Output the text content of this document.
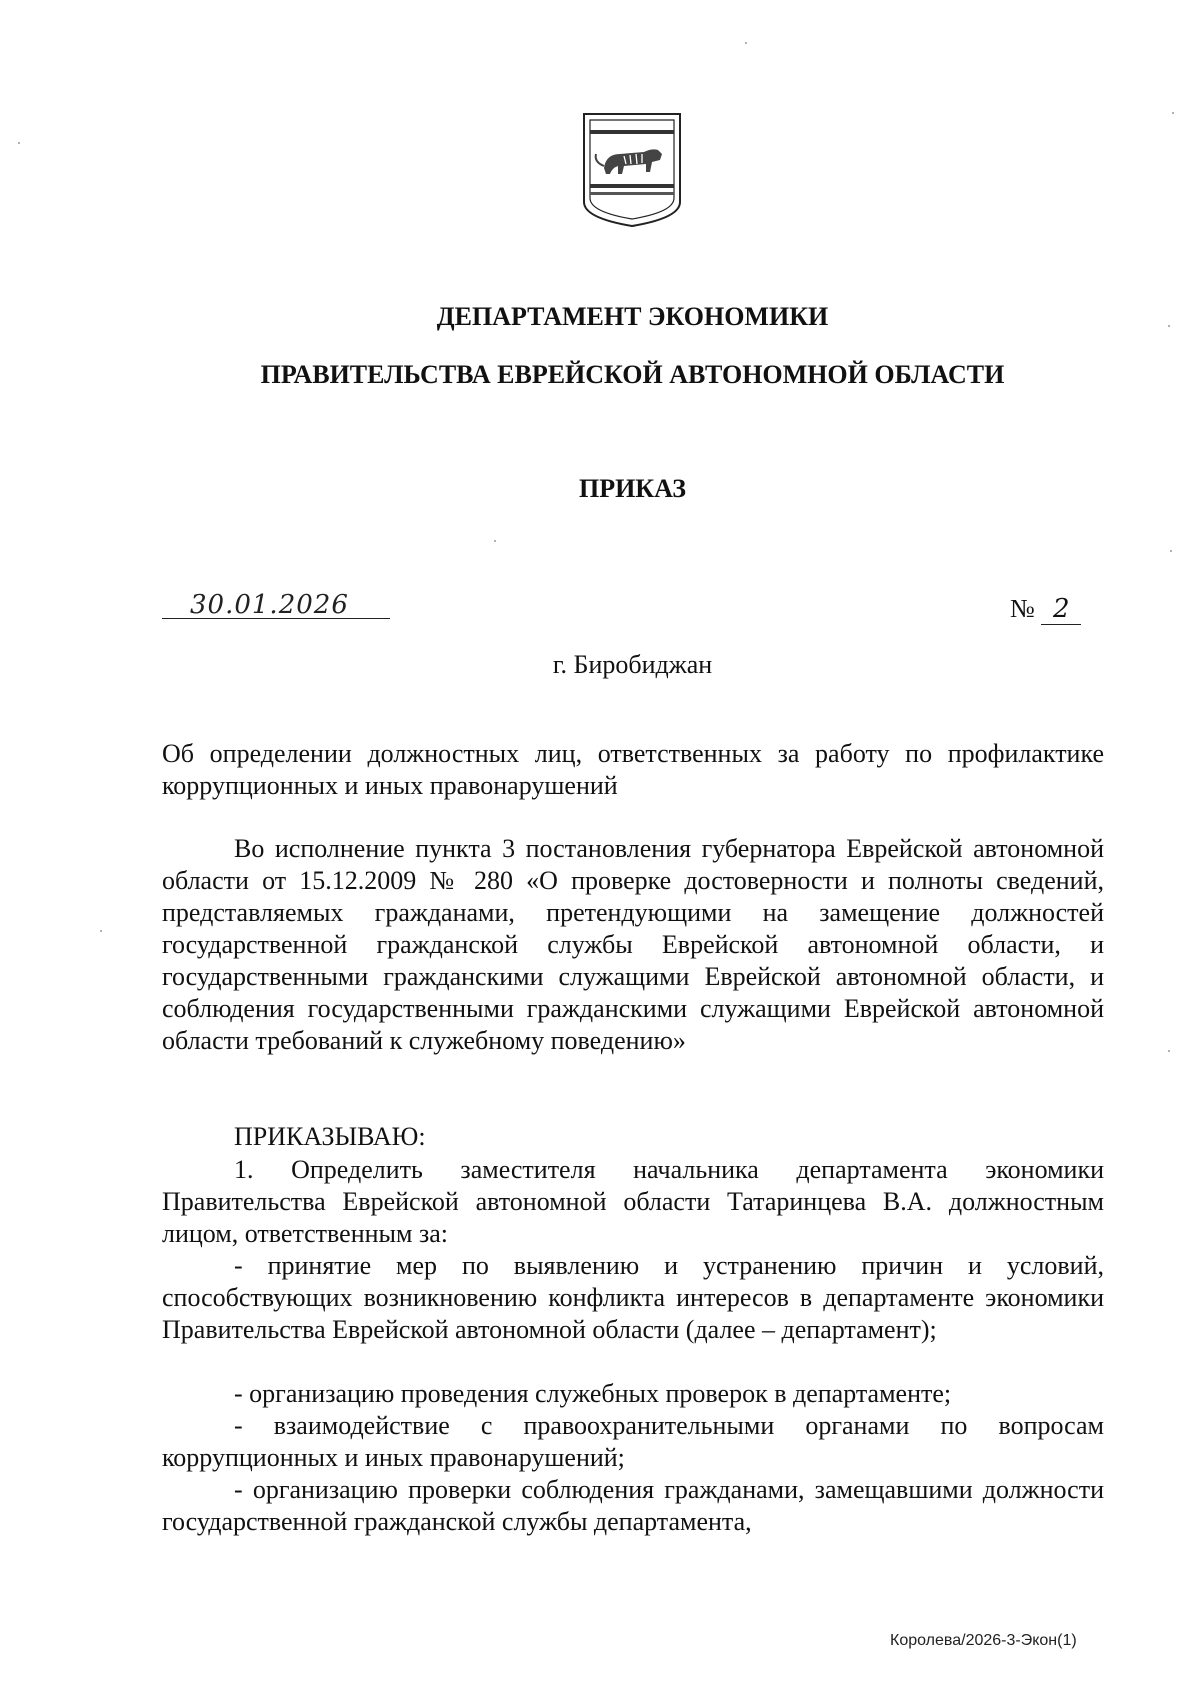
ДЕПАРТАМЕНТ ЭКОНОМИКИ
ПРАВИТЕЛЬСТВА ЕВРЕЙСКОЙ АВТОНОМНОЙ ОБЛАСТИ
ПРИКАЗ
30.01.2026	№ 2
г. Биробиджан
Об определении должностных лиц, ответственных за работу по профилактике коррупционных и иных правонарушений
Во исполнение пункта 3 постановления губернатора Еврейской автономной области от 15.12.2009 № 280 «О проверке достоверности и полноты сведений, представляемых гражданами, претендующими на замещение должностей государственной гражданской службы Еврейской автономной области, и государственными гражданскими служащими Еврейской автономной области, и соблюдения государственными гражданскими служащими Еврейской автономной области требований к служебному поведению»
ПРИКАЗЫВАЮ:
1. Определить заместителя начальника департамента экономики Правительства Еврейской автономной области Татаринцева В.А. должностным лицом, ответственным за:
- принятие мер по выявлению и устранению причин и условий, способствующих возникновению конфликта интересов в департаменте экономики Правительства Еврейской автономной области (далее – департамент);
- организацию проведения служебных проверок в департаменте;
- взаимодействие с правоохранительными органами по вопросам коррупционных и иных правонарушений;
- организацию проверки соблюдения гражданами, замещавшими должности государственной гражданской службы департамента,
Королева/2026-3-Экон(1)
